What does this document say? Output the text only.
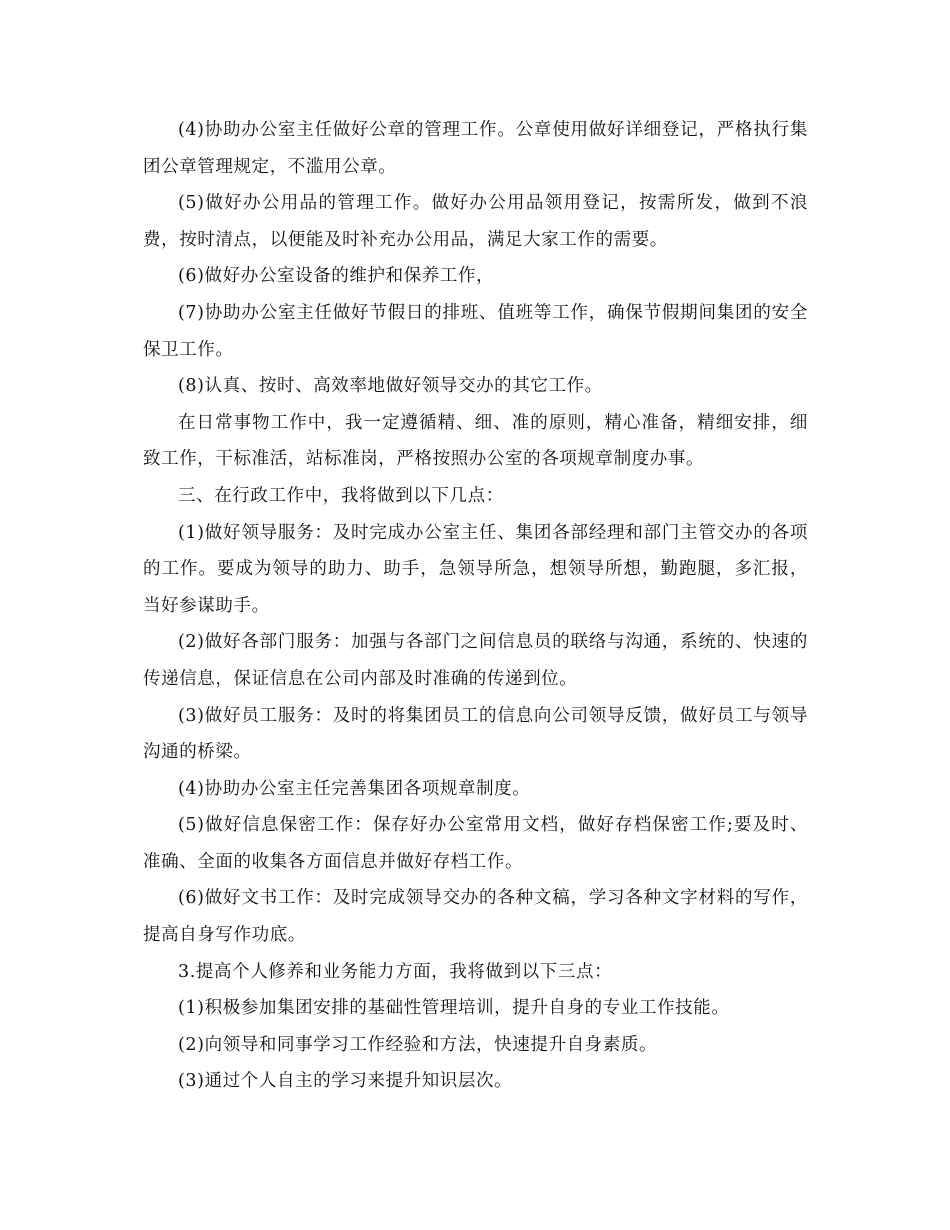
(4)协助办公室主任做好公章的管理工作。公章使用做好详细登记，严格执行集团公章管理规定，不滥用公章。

(5)做好办公用品的管理工作。做好办公用品领用登记，按需所发，做到不浪费，按时清点，以便能及时补充办公用品，满足大家工作的需要。

(6)做好办公室设备的维护和保养工作，

(7)协助办公室主任做好节假日的排班、值班等工作，确保节假期间集团的安全保卫工作。

(8)认真、按时、高效率地做好领导交办的其它工作。

在日常事物工作中，我一定遵循精、细、准的原则，精心准备，精细安排，细致工作，干标准活，站标准岗，严格按照办公室的各项规章制度办事。

三、在行政工作中，我将做到以下几点：

(1)做好领导服务：及时完成办公室主任、集团各部经理和部门主管交办的各项的工作。要成为领导的助力、助手，急领导所急，想领导所想，勤跑腿，多汇报，当好参谋助手。

(2)做好各部门服务：加强与各部门之间信息员的联络与沟通，系统的、快速的传递信息，保证信息在公司内部及时准确的传递到位。

(3)做好员工服务：及时的将集团员工的信息向公司领导反馈，做好员工与领导沟通的桥梁。

(4)协助办公室主任完善集团各项规章制度。

(5)做好信息保密工作：保存好办公室常用文档，做好存档保密工作;要及时、准确、全面的收集各方面信息并做好存档工作。

(6)做好文书工作：及时完成领导交办的各种文稿，学习各种文字材料的写作，提高自身写作功底。

3.提高个人修养和业务能力方面，我将做到以下三点：

(1)积极参加集团安排的基础性管理培训，提升自身的专业工作技能。

(2)向领导和同事学习工作经验和方法，快速提升自身素质。

(3)通过个人自主的学习来提升知识层次。
